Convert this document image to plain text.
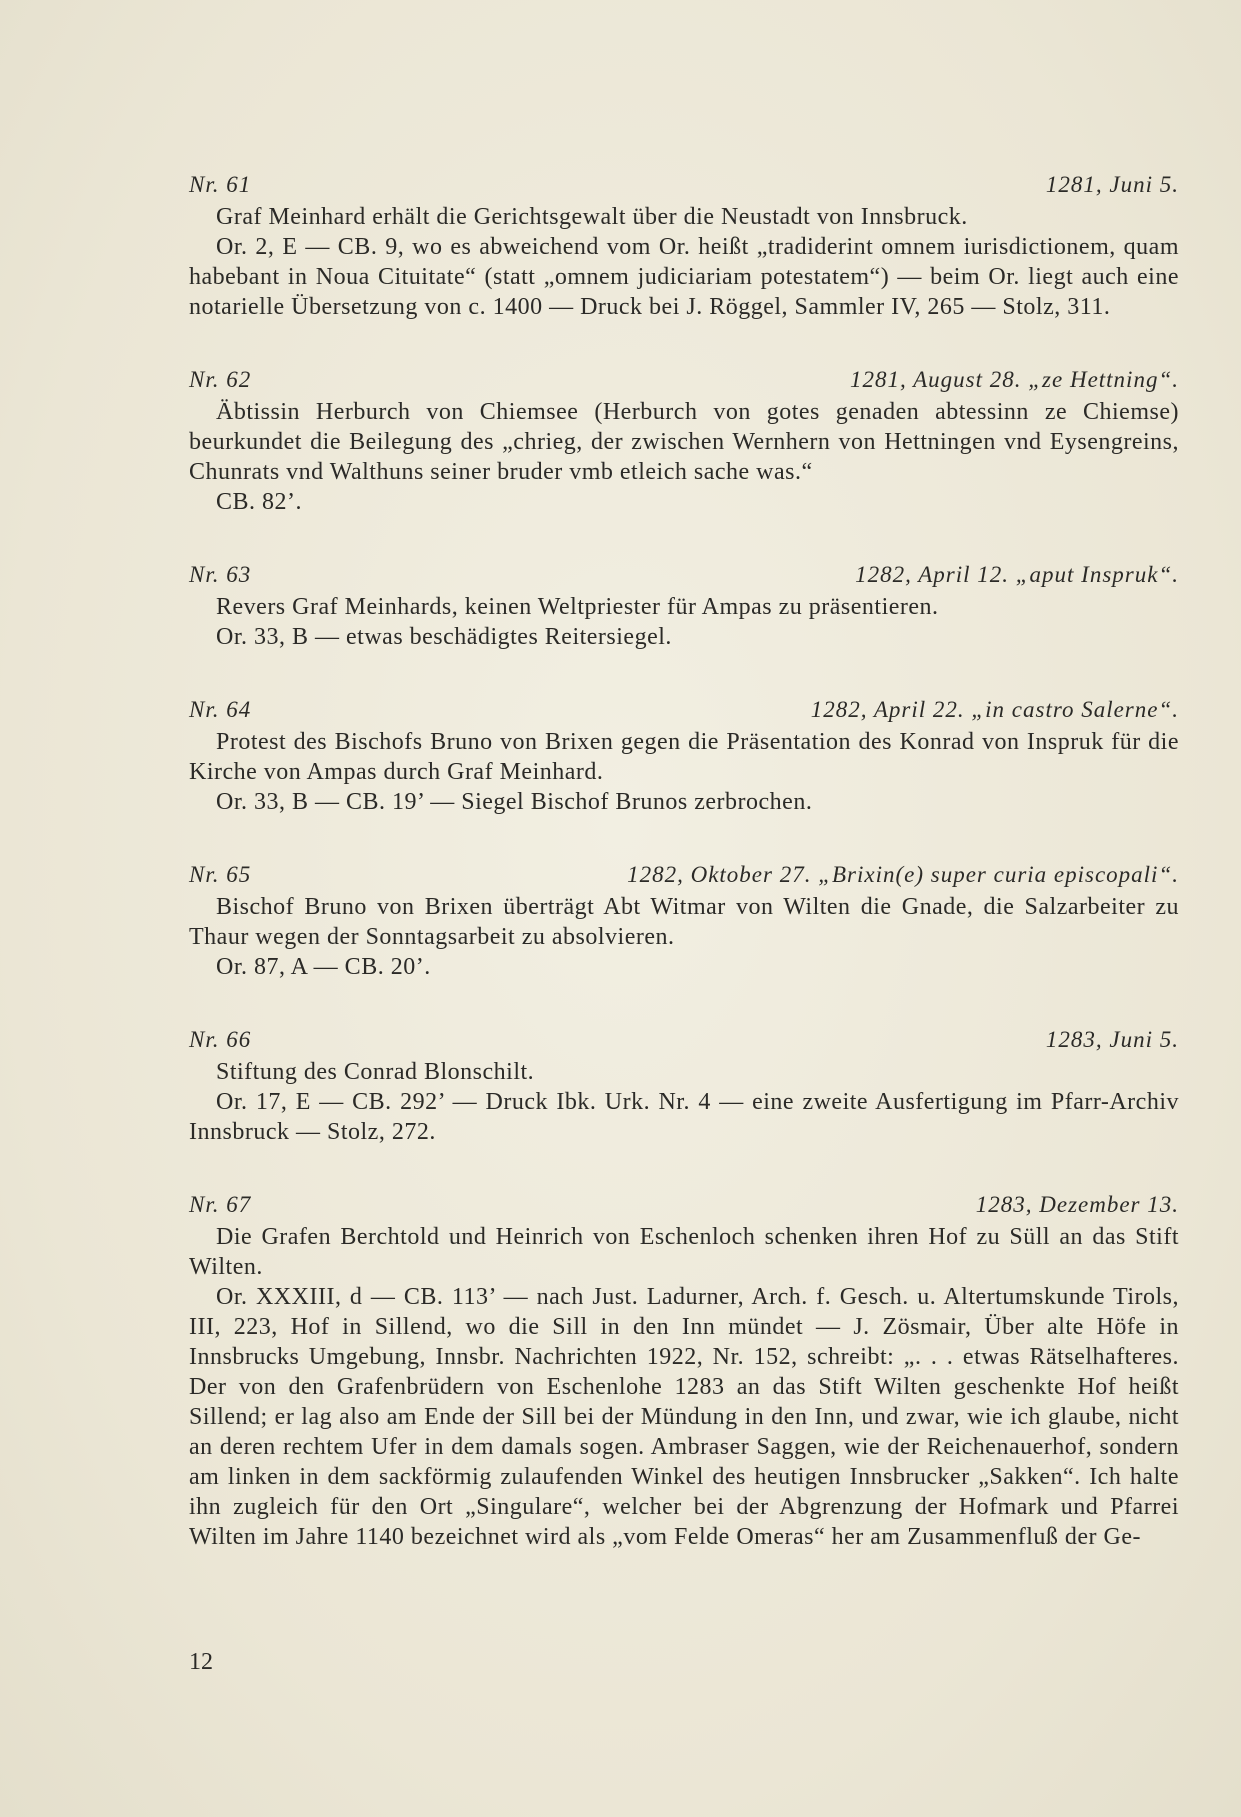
Nr. 61	1281, Juni 5.

Graf Meinhard erhält die Gerichtsgewalt über die Neustadt von Innsbruck.

Or. 2, E — CB. 9, wo es abweichend vom Or. heißt „tradiderint omnem iurisdictionem, quam habebant in Noua Cituitate“ (statt „omnem judiciariam potestatem“) — beim Or. liegt auch eine notarielle Übersetzung von c. 1400 — Druck bei J. Röggel, Sammler IV, 265 — Stolz, 311.

Nr. 62	1281, August 28. „ze Hettning“.

Äbtissin Herburch von Chiemsee (Herburch von gotes genaden abtessinn ze Chiemse) beurkundet die Beilegung des „chrieg, der zwischen Wernhern von Hettningen vnd Eysengreins, Chunrats vnd Walthuns seiner bruder vmb etleich sache was.“

CB. 82’.

Nr. 63	1282, April 12. „aput Inspruk“.

Revers Graf Meinhards, keinen Weltpriester für Ampas zu präsentieren.

Or. 33, B — etwas beschädigtes Reitersiegel.

Nr. 64	1282, April 22. „in castro Salerne“.

Protest des Bischofs Bruno von Brixen gegen die Präsentation des Konrad von Inspruk für die Kirche von Ampas durch Graf Meinhard.

Or. 33, B — CB. 19’ — Siegel Bischof Brunos zerbrochen.

Nr. 65	1282, Oktober 27. „Brixin(e) super curia episcopali“.

Bischof Bruno von Brixen überträgt Abt Witmar von Wilten die Gnade, die Salzarbeiter zu Thaur wegen der Sonntagsarbeit zu absolvieren.

Or. 87, A — CB. 20’.

Nr. 66	1283, Juni 5.

Stiftung des Conrad Blonschilt.

Or. 17, E — CB. 292’ — Druck Ibk. Urk. Nr. 4 — eine zweite Ausfertigung im Pfarr-Archiv Innsbruck — Stolz, 272.

Nr. 67	1283, Dezember 13.

Die Grafen Berchtold und Heinrich von Eschenloch schenken ihren Hof zu Süll an das Stift Wilten.

Or. XXXIII, d — CB. 113’ — nach Just. Ladurner, Arch. f. Gesch. u. Altertumskunde Tirols, III, 223, Hof in Sillend, wo die Sill in den Inn mündet — J. Zösmair, Über alte Höfe in Innsbrucks Umgebung, Innsbr. Nachrichten 1922, Nr. 152, schreibt: „. . . etwas Rätselhafteres. Der von den Grafenbrüdern von Eschenlohe 1283 an das Stift Wilten geschenkte Hof heißt Sillend; er lag also am Ende der Sill bei der Mündung in den Inn, und zwar, wie ich glaube, nicht an deren rechtem Ufer in dem damals sogen. Ambraser Saggen, wie der Reichenauerhof, sondern am linken in dem sackförmig zulaufenden Winkel des heutigen Innsbrucker „Sakken“. Ich halte ihn zugleich für den Ort „Singulare“, welcher bei der Abgrenzung der Hofmark und Pfarrei Wilten im Jahre 1140 bezeichnet wird als „vom Felde Omeras“ her am Zusammenfluß der Ge-

12
